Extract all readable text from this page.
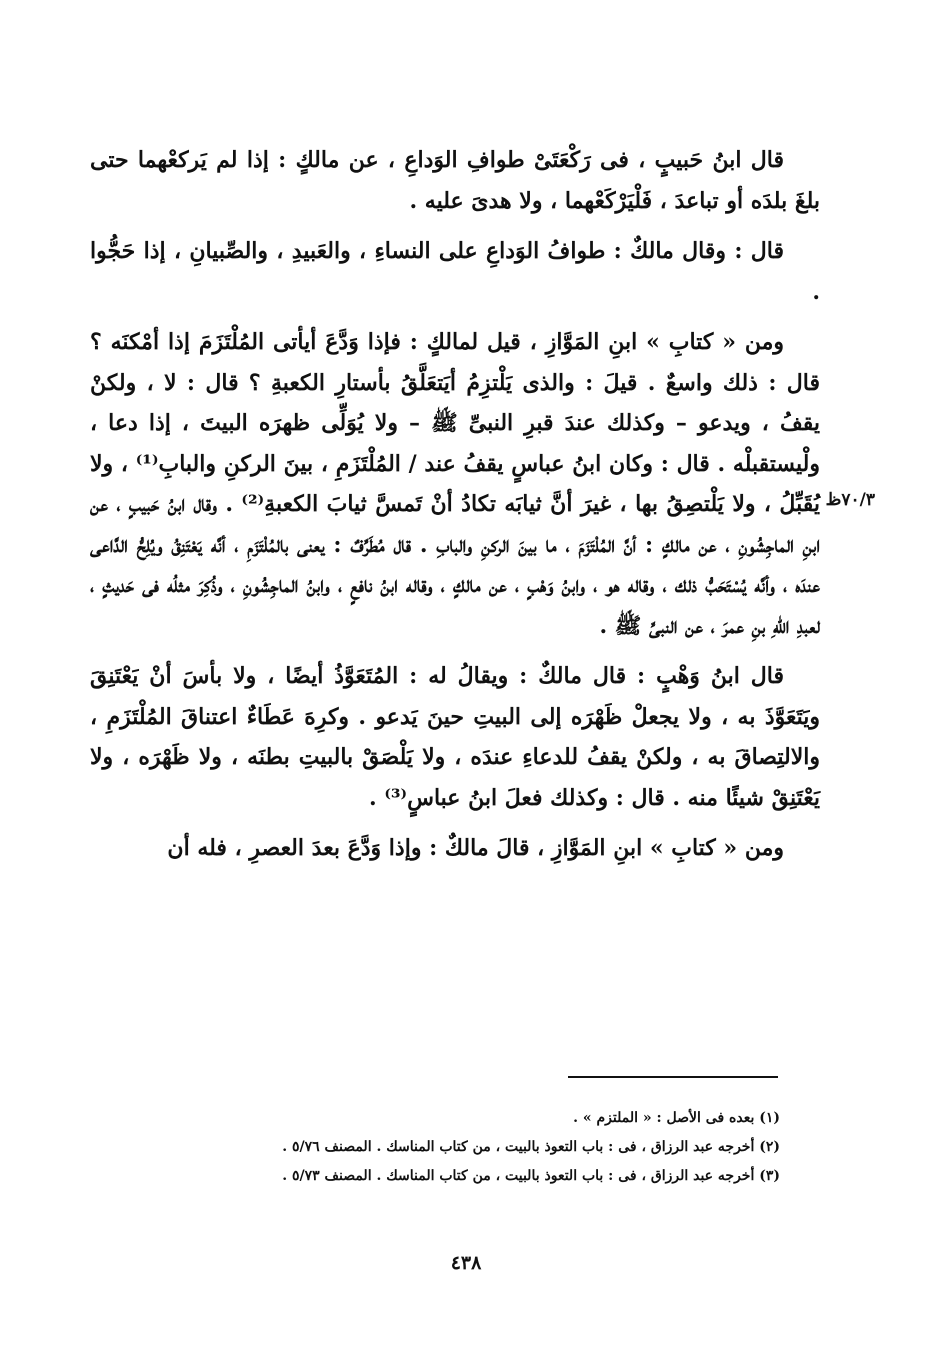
قال ابنُ حَبيبٍ ، فى رَكْعَتَىْ طوافِ الوَداعِ ، عن مالكٍ : إذا لم يَركعْهما حتى بلغَ بلدَه أو تباعدَ ، فَلْيَرْكَعْهما ، ولا هدىَ عليه .

قال : وقال مالكٌ : طوافُ الوَداعِ على النساءِ ، والعَبيدِ ، والصِّبيانِ ، إذا حَجُّوا .

ومن « كتابِ » ابنِ المَوَّازِ ، قيل لمالكٍ : فإذا وَدَّعَ أيأتى المُلْتَزَمَ إذا أمْكنَه ؟ قال : ذلك واسعٌ . قيلَ : والذى يَلْتزِمُ أيَتعَلَّقُ بأستارِ الكعبةِ ؟ قال : لا ، ولكنْ يقفُ ، ويدعو – وكذلك عندَ قبرِ النبىِّ ﷺ – ولا يُوَلِّى ظهرَه البيتَ ، إذا دعا ، ولْيستقبلْه . قال : وكان ابنُ عباسٍ يقفُ عند / المُلْتَزَمِ ، بينَ الركنِ والبابِ⁽¹⁾ ، ولا يُقَبِّلُ ، ولا يَلْتصِقُ بها ، غيرَ أنَّ ثيابَه تكادُ أنْ تَمسَّ ثيابَ الكعبةِ⁽²⁾ . وقال ابنُ حَبيبٍ ، عن ابنِ الماجِشُونِ ، عن مالكٍ : أنَّ المُلْتَزَمَ ، ما بينَ الركنِ والبابِ . قال مُطَرِّفٌ : يعنى بالمُلْتَزَمِ ، أنَّه يَعْتَنِقُ ويُلِحُّ الدَّاعى عندَه ، وأنَّه يُسْتَحَبُّ ذلك ، وقاله هو ، وابنُ وَهْبٍ ، عن مالكٍ ، وقاله ابنُ نافعٍ ، وابنُ الماجِشُونِ ، وذُكِرَ مثلُه فى حَديثٍ ، لعبدِ اللهِ بنِ عمرَ ، عن النبىِّ ﷺ .

قال ابنُ وَهْبٍ : قال مالكٌ : ويقالُ له : المُتَعَوَّذُ أيضًا ، ولا بأسَ أنْ يَعْتَنِقَ ويَتَعَوَّذَ به ، ولا يجعلْ ظَهْرَه إلى البيتِ حينَ يَدعو . وكرِهَ عَطَاءٌ اعتناقَ المُلْتَزَمِ ، والالتِصاقَ به ، ولكنْ يقفُ للدعاءِ عندَه ، ولا يَلْصَقْ بالبيتِ بطنَه ، ولا ظَهْرَه ، ولا يَعْتَنِقْ شيئًا منه . قال : وكذلك فعلَ ابنُ عباسٍ⁽³⁾ .

ومن « كتابِ » ابنِ المَوَّازِ ، قالَ مالكٌ : وإذا وَدَّعَ بعدَ العصرِ ، فله أن

٧٠/٣ظ

(١) بعده فى الأصل : « الملتزم » .

(٢) أخرجه عبد الرزاق ، فى : باب التعوذ بالبيت ، من كتاب المناسك . المصنف ٥/٧٦ .

(٣) أخرجه عبد الرزاق ، فى : باب التعوذ بالبيت ، من كتاب المناسك . المصنف ٥/٧٣ .

٤٣٨
